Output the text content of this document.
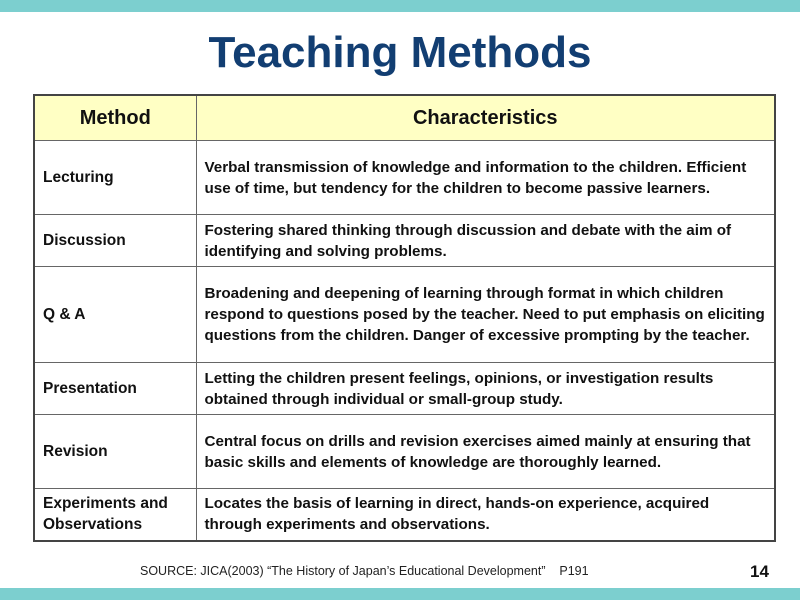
Teaching Methods
Method	Characteristics
Lecturing	Verbal transmission of knowledge and information to the children. Efficient use of time, but tendency for the children to become passive learners.
Discussion	Fostering shared thinking through discussion and debate with the aim of identifying and solving problems.
Q & A	Broadening and deepening of learning through format in which children respond to questions posed by the teacher. Need to put emphasis on eliciting questions from the children. Danger of excessive prompting by the teacher.
Presentation	Letting the children present feelings, opinions, or investigation results obtained through individual or small-group study.
Revision	Central focus on drills and revision exercises aimed mainly at ensuring that basic skills and elements of knowledge are thoroughly learned.
Experiments and Observations	Locates the basis of learning in direct, hands-on experience, acquired through experiments and observations.
SOURCE: JICA(2003) “The History of Japan’s Educational Development”    P191	14
